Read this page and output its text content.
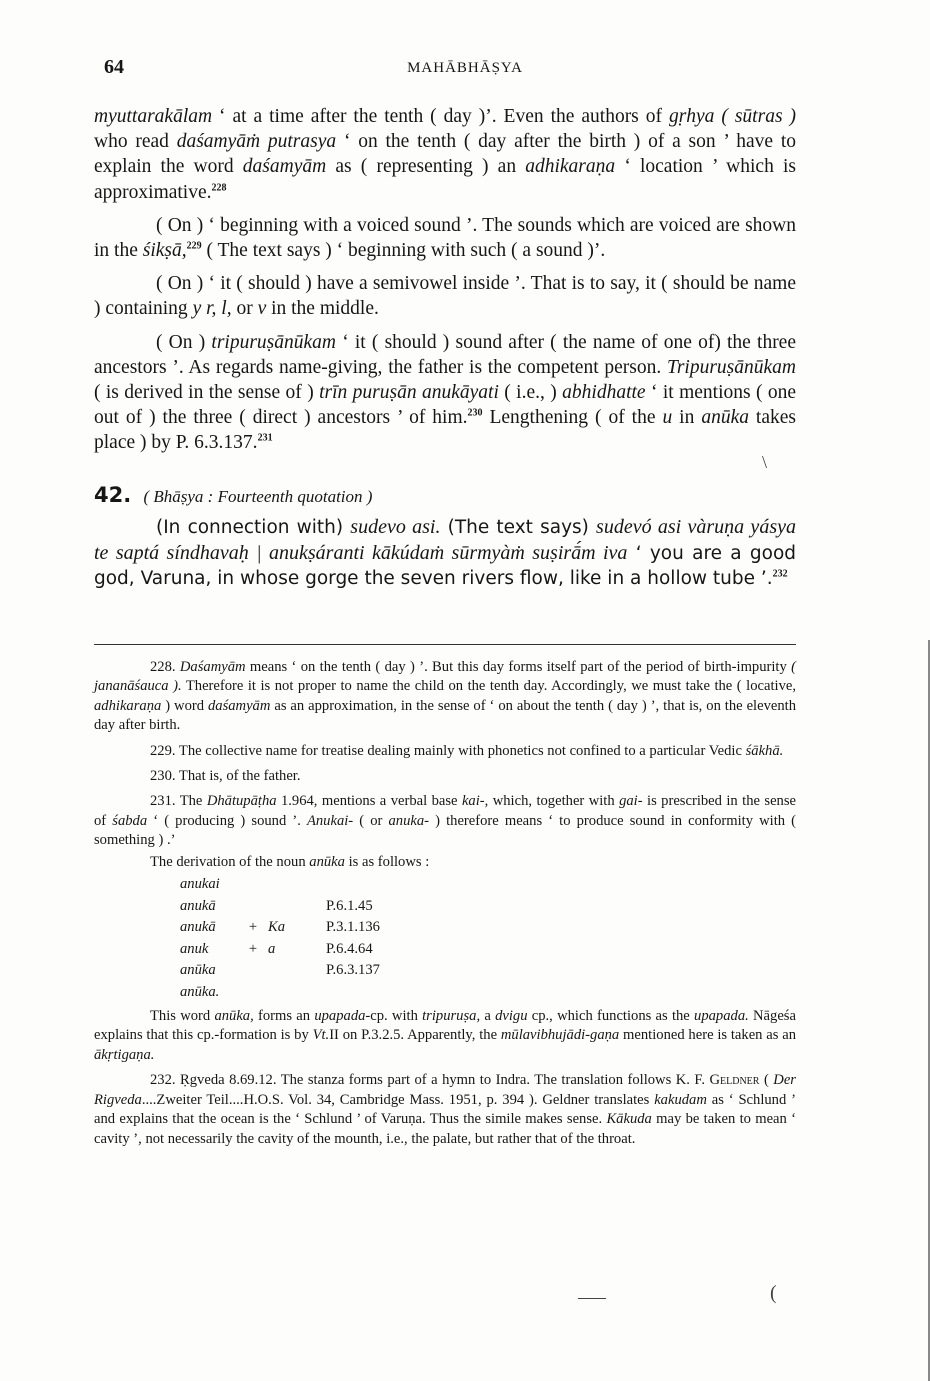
64	MAHĀBHĀṢYA

myuttarakālam ‘ at a time after the tenth ( day )’. Even the authors of gṛhya ( sūtras ) who read daśamyāṁ putrasya ‘ on the tenth ( day after the birth ) of a son ’ have to explain the word daśamyām as ( representing ) an adhikaraṇa ‘ location ’ which is approximative.$^{228}$

( On ) ‘ beginning with a voiced sound ’. The sounds which are voiced are shown in the śikṣā,$^{229}$ ( The text says ) ‘ beginning with such ( a sound )’.

( On ) ‘ it ( should ) have a semivowel inside ’. That is to say, it ( should be name ) containing y r, l, or v in the middle.

( On ) tripuruṣānūkam ‘ it ( should ) sound after ( the name of one of) the three ancestors ’. As regards name-giving, the father is the competent person. Tripuruṣānūkam ( is derived in the sense of ) trīn puruṣān anukāyati ( i.e., ) abhidhatte ‘ it mentions ( one out of ) the three ( direct ) ancestors ’ of him.$^{230}$ Lengthening ( of the u in anūka takes place ) by P. 6.3.137.$^{231}$

42. ( Bhāṣya : Fourteenth quotation )
(In connection with) sudevo asi. (The text says) sudevó asi vàruṇa yásya te saptá síndhavaḥ | anukṣáranti kākúdaṁ sūrmyàṁ suṣirā́m iva ‘ you are a good god, Varuna, in whose gorge the seven rivers flow, like in a hollow tube ’.$^{232}$

228. Daśamyām means ‘ on the tenth ( day ) ’. But this day forms itself part of the period of birth-impurity ( jananāśauca ). Therefore it is not proper to name the child on the tenth day. Accordingly, we must take the ( locative, adhikaraṇa ) word daśamyām as an approximation, in the sense of ‘ on about the tenth ( day ) ’, that is, on the eleventh day after birth.

229. The collective name for treatise dealing mainly with phonetics not confined to a particular Vedic śākhā.

230. That is, of the father.

231. The Dhātupāṭha 1.964, mentions a verbal base kai-, which, together with gai- is prescribed in the sense of śabda ‘ ( producing ) sound ’. Anukai- ( or anuka- ) therefore means ‘ to produce sound in conformity with ( something ) .’

The derivation of the noun anūka is as follows :

anukai			
anukā			P.6.1.45
anukā	+	Ka	P.3.1.136
anuk	+	a	P.6.4.64
anūka			P.6.3.137
anūka.			

This word anūka, forms an upapada-cp. with tripuruṣa, a dvigu cp., which functions as the upapada. Nāgeśa explains that this cp.-formation is by Vt.II on P.3.2.5. Apparently, the mūlavibhujādi-gaṇa mentioned here is taken as an ākṛtigaṇa.

232. Ṛgveda 8.69.12. The stanza forms part of a hymn to Indra. The translation follows K. F. Geldner ( Der Rigveda....Zweiter Teil....H.O.S. Vol. 34, Cambridge Mass. 1951, p. 394 ). Geldner translates kakudam as ‘ Schlund ’ and explains that the ocean is the ‘ Schlund ’ of Varuṇa. Thus the simile makes sense. Kākuda may be taken to mean ‘ cavity ’, not necessarily the cavity of the mounth, i.e., the palate, but rather that of the throat.

\
(
